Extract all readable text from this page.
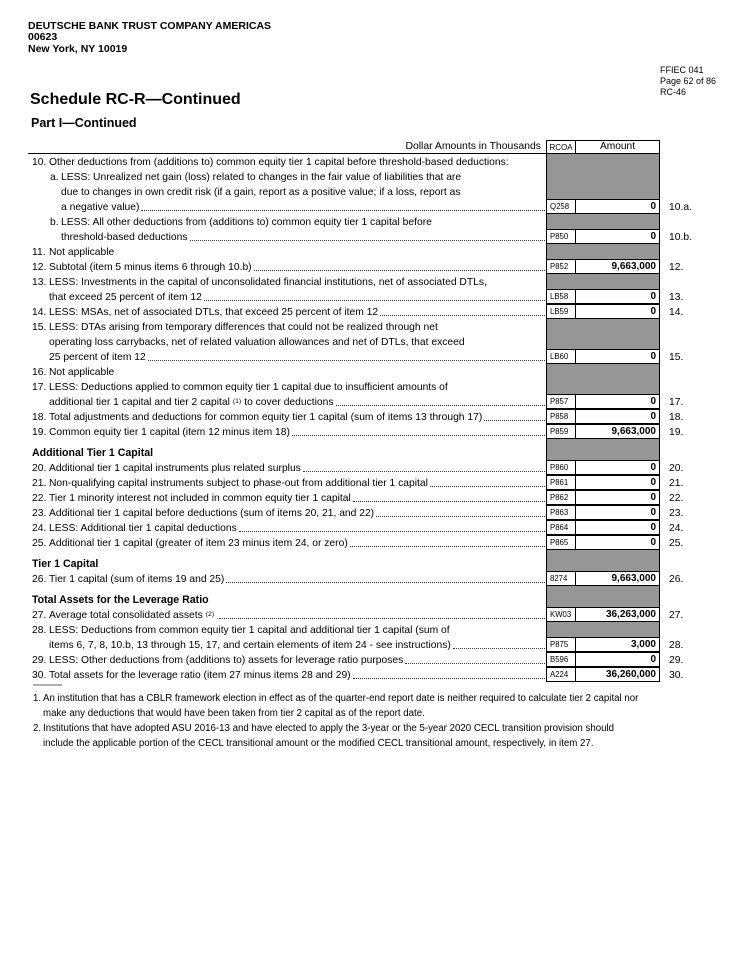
DEUTSCHE BANK TRUST COMPANY AMERICAS
00623
New York, NY 10019
FFIEC 041
Page 62 of 86
RC-46
Schedule RC-R—Continued
Part I—Continued
Dollar Amounts in Thousands	RCOA	Amount
10. Other deductions from (additions to) common equity tier 1 capital before threshold-based deductions:
a. LESS: Unrealized net gain (loss) related to changes in the fair value of liabilities that are
due to changes in own credit risk (if a gain, report as a positive value; if a loss, report as
a negative value)	Q258	0	10.a.
b. LESS: All other deductions from (additions to) common equity tier 1 capital before
threshold-based deductions	P850	0	10.b.
11. Not applicable
12. Subtotal (item 5 minus items 6 through 10.b)	P852	9,663,000	12.
13. LESS: Investments in the capital of unconsolidated financial institutions, net of associated DTLs,
that exceed 25 percent of item 12	LB58	0	13.
14. LESS: MSAs, net of associated DTLs, that exceed 25 percent of item 12	LB59	0	14.
15. LESS: DTAs arising from temporary differences that could not be realized through net
operating loss carrybacks, net of related valuation allowances and net of DTLs, that exceed
25 percent of item 12	LB60	0	15.
16. Not applicable
17. LESS: Deductions applied to common equity tier 1 capital due to insufficient amounts of
additional tier 1 capital and tier 2 capital (1) to cover deductions	P857	0	17.
18. Total adjustments and deductions for common equity tier 1 capital (sum of items 13 through 17)	P858	0	18.
19. Common equity tier 1 capital (item 12 minus item 18)	P859	9,663,000	19.
Additional Tier 1 Capital
20. Additional tier 1 capital instruments plus related surplus	P860	0	20.
21. Non-qualifying capital instruments subject to phase-out from additional tier 1 capital	P861	0	21.
22. Tier 1 minority interest not included in common equity tier 1 capital	P862	0	22.
23. Additional tier 1 capital before deductions (sum of items 20, 21, and 22)	P863	0	23.
24. LESS: Additional tier 1 capital deductions	P864	0	24.
25. Additional tier 1 capital (greater of item 23 minus item 24, or zero)	P865	0	25.
Tier 1 Capital
26. Tier 1 capital (sum of items 19 and 25)	8274	9,663,000	26.
Total Assets for the Leverage Ratio
27. Average total consolidated assets (2)	KW03	36,263,000	27.
28. LESS: Deductions from common equity tier 1 capital and additional tier 1 capital (sum of
items 6, 7, 8, 10.b, 13 through 15, 17, and certain elements of item 24 - see instructions)	P875	3,000	28.
29. LESS: Other deductions from (additions to) assets for leverage ratio purposes	B596	0	29.
30. Total assets for the leverage ratio (item 27 minus items 28 and 29)	A224	36,260,000	30.
1. An institution that has a CBLR framework election in effect as of the quarter-end report date is neither required to calculate tier 2 capital nor
make any deductions that would have been taken from tier 2 capital as of the report date.
2. Institutions that have adopted ASU 2016-13 and have elected to apply the 3-year or the 5-year 2020 CECL transition provision should
include the applicable portion of the CECL transitional amount or the modified CECL transitional amount, respectively, in item 27.
